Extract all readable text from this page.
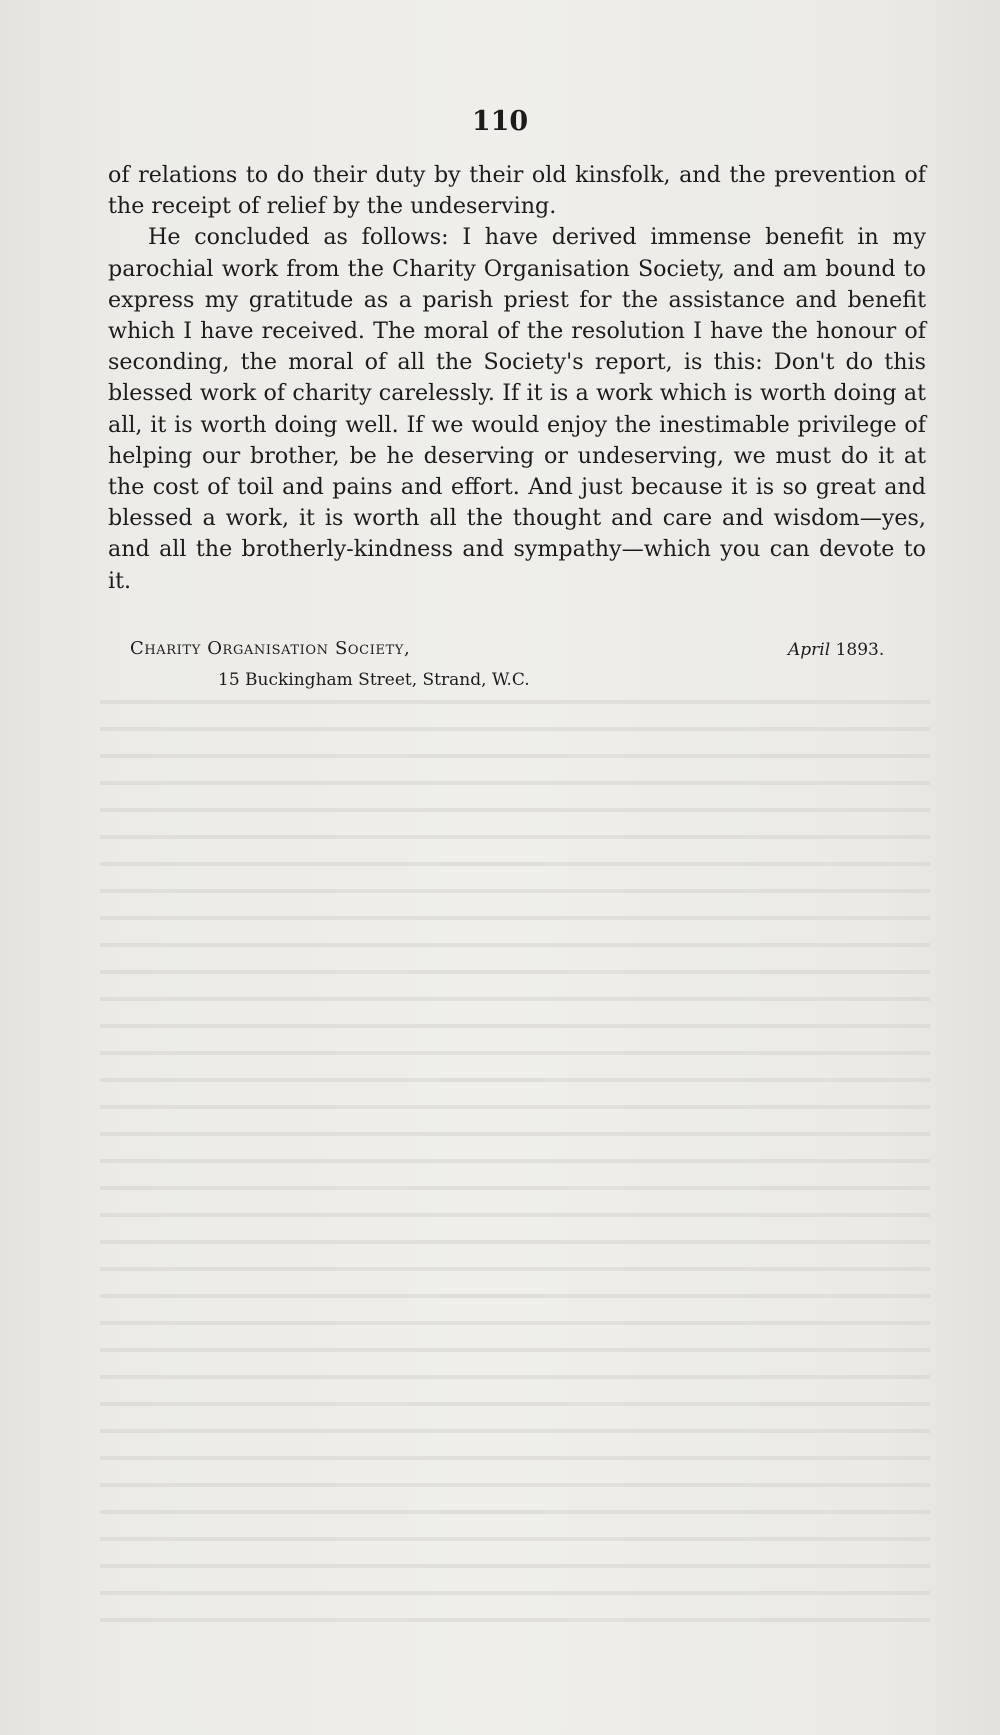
110

of relations to do their duty by their old kinsfolk, and the prevention of the receipt of relief by the undeserving.

He concluded as follows: I have derived immense benefit in my parochial work from the Charity Organisation Society, and am bound to express my gratitude as a parish priest for the assistance and benefit which I have received. The moral of the resolution I have the honour of seconding, the moral of all the Society's report, is this: Don't do this blessed work of charity carelessly. If it is a work which is worth doing at all, it is worth doing well. If we would enjoy the inestimable privilege of helping our brother, be he deserving or undeserving, we must do it at the cost of toil and pains and effort. And just because it is so great and blessed a work, it is worth all the thought and care and wisdom—yes, and all the brotherly-kindness and sympathy—which you can devote to it.

Charity Organisation Society,
15 Buckingham Street, Strand, W.C.
April 1893.
